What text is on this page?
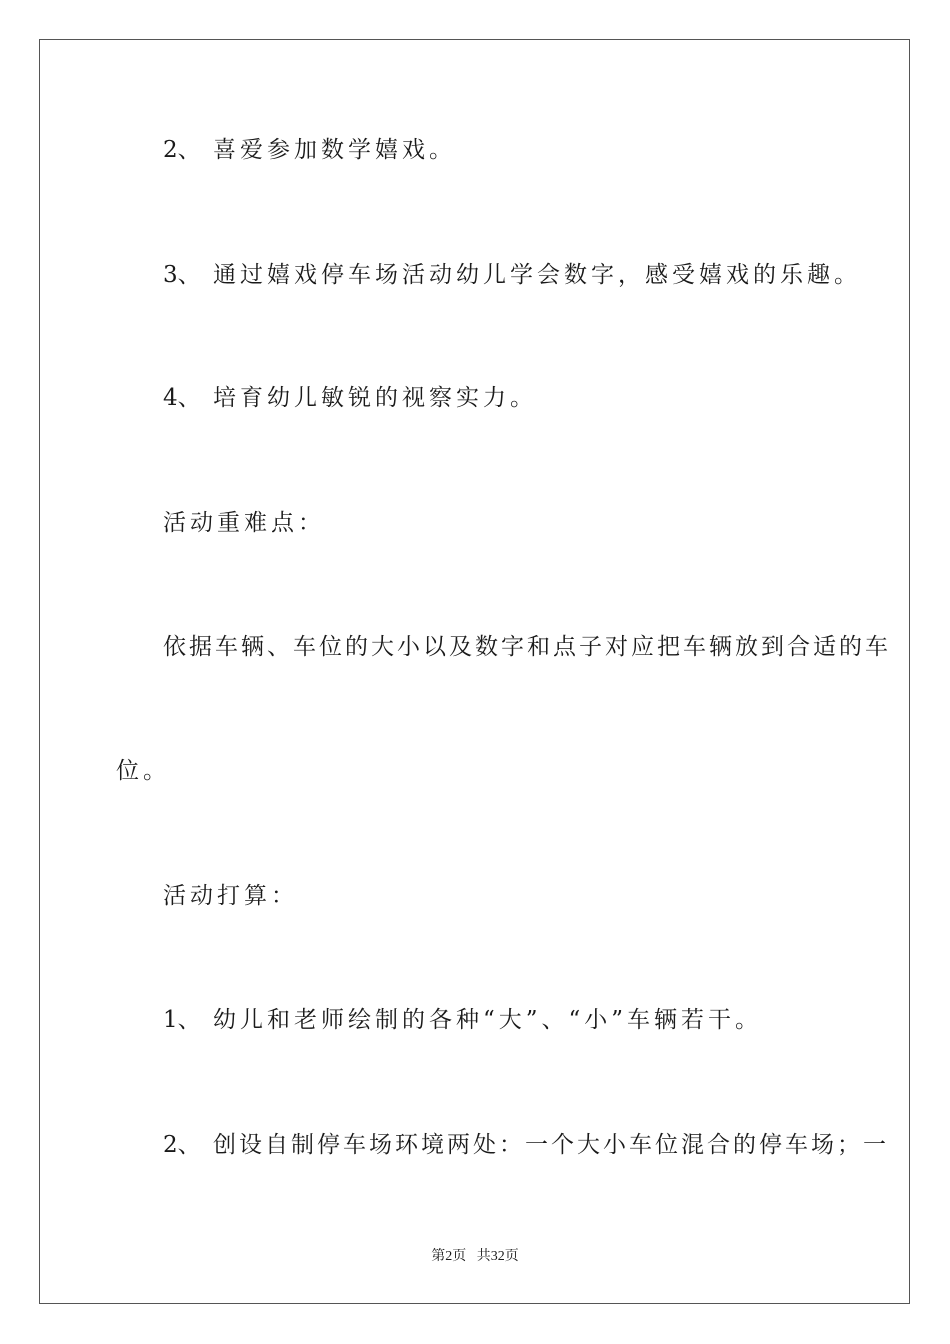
2、 喜爱参加数学嬉戏。
3、 通过嬉戏停车场活动幼儿学会数字，感受嬉戏的乐趣。
4、 培育幼儿敏锐的视察实力。
活动重难点：
依据车辆、车位的大小以及数字和点子对应把车辆放到合适的车
位。
活动打算：
1、 幼儿和老师绘制的各种“大”、“小”车辆若干。
2、 创设自制停车场环境两处：一个大小车位混合的停车场；一
第2页   共32页
